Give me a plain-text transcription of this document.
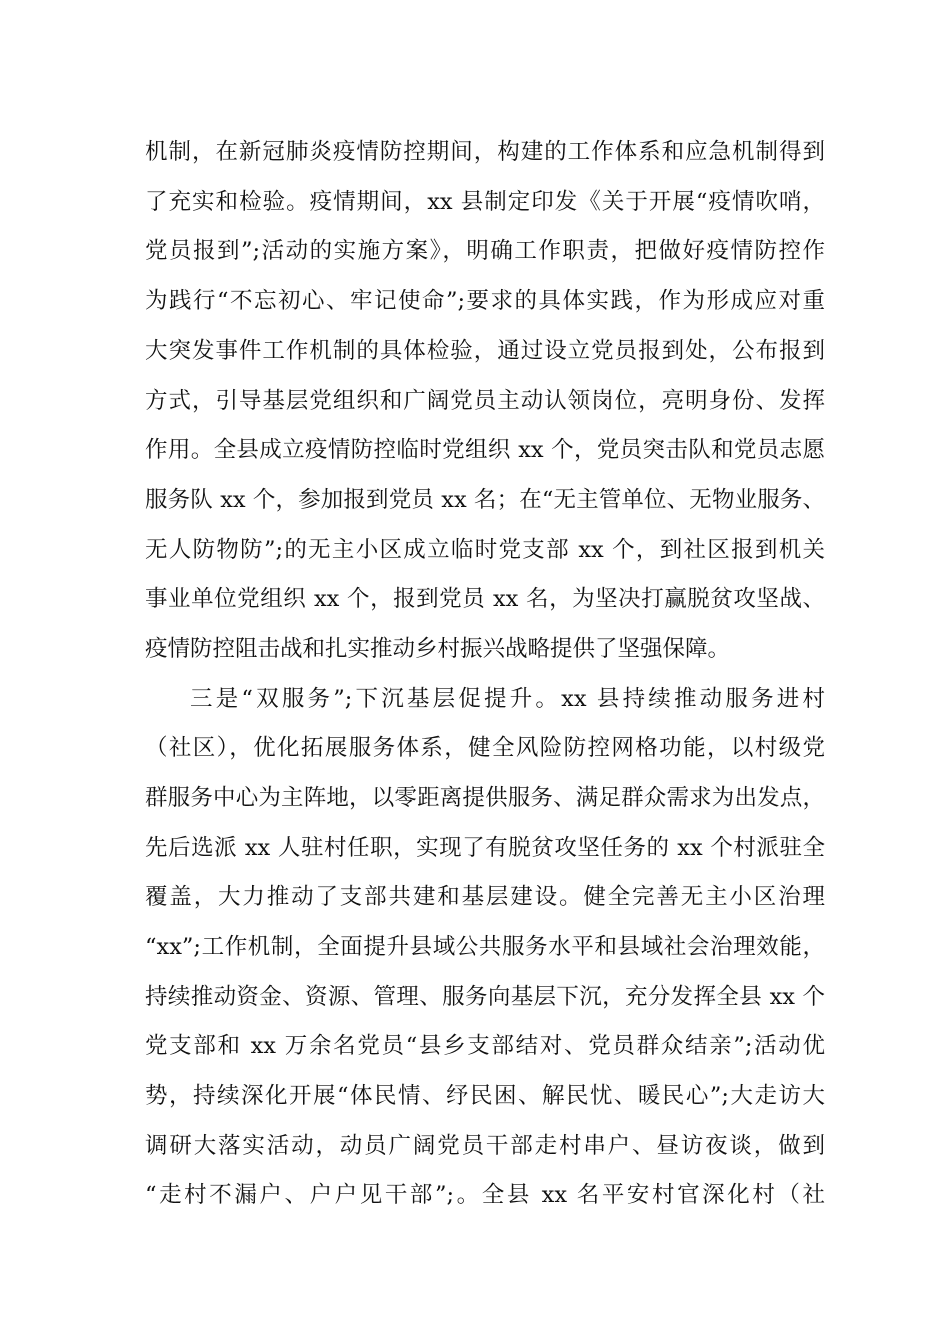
机制，在新冠肺炎疫情防控期间，构建的工作体系和应急机制得到

了充实和检验。疫情期间，xx 县制定印发《关于开展“疫情吹哨，

党员报到”;活动的实施方案》，明确工作职责，把做好疫情防控作

为践行“不忘初心、牢记使命”;要求的具体实践，作为形成应对重

大突发事件工作机制的具体检验，通过设立党员报到处，公布报到

方式，引导基层党组织和广阔党员主动认领岗位，亮明身份、发挥

作用。全县成立疫情防控临时党组织 xx 个，党员突击队和党员志愿

服务队 xx 个，参加报到党员 xx 名；在“无主管单位、无物业服务、

无人防物防”;的无主小区成立临时党支部 xx 个，到社区报到机关

事业单位党组织 xx 个，报到党员 xx 名，为坚决打赢脱贫攻坚战、

疫情防控阻击战和扎实推动乡村振兴战略提供了坚强保障。

三是“双服务”;下沉基层促提升。xx 县持续推动服务进村

（社区），优化拓展服务体系，健全风险防控网格功能，以村级党

群服务中心为主阵地，以零距离提供服务、满足群众需求为出发点，

先后选派 xx 人驻村任职，实现了有脱贫攻坚任务的 xx 个村派驻全

覆盖，大力推动了支部共建和基层建设。健全完善无主小区治理

“xx”;工作机制，全面提升县域公共服务水平和县域社会治理效能，

持续推动资金、资源、管理、服务向基层下沉，充分发挥全县 xx 个

党支部和 xx 万余名党员“县乡支部结对、党员群众结亲”;活动优

势，持续深化开展“体民情、纾民困、解民忧、暖民心”;大走访大

调研大落实活动，动员广阔党员干部走村串户、昼访夜谈，做到

“走村不漏户、户户见干部”;。全县 xx 名平安村官深化村（社
